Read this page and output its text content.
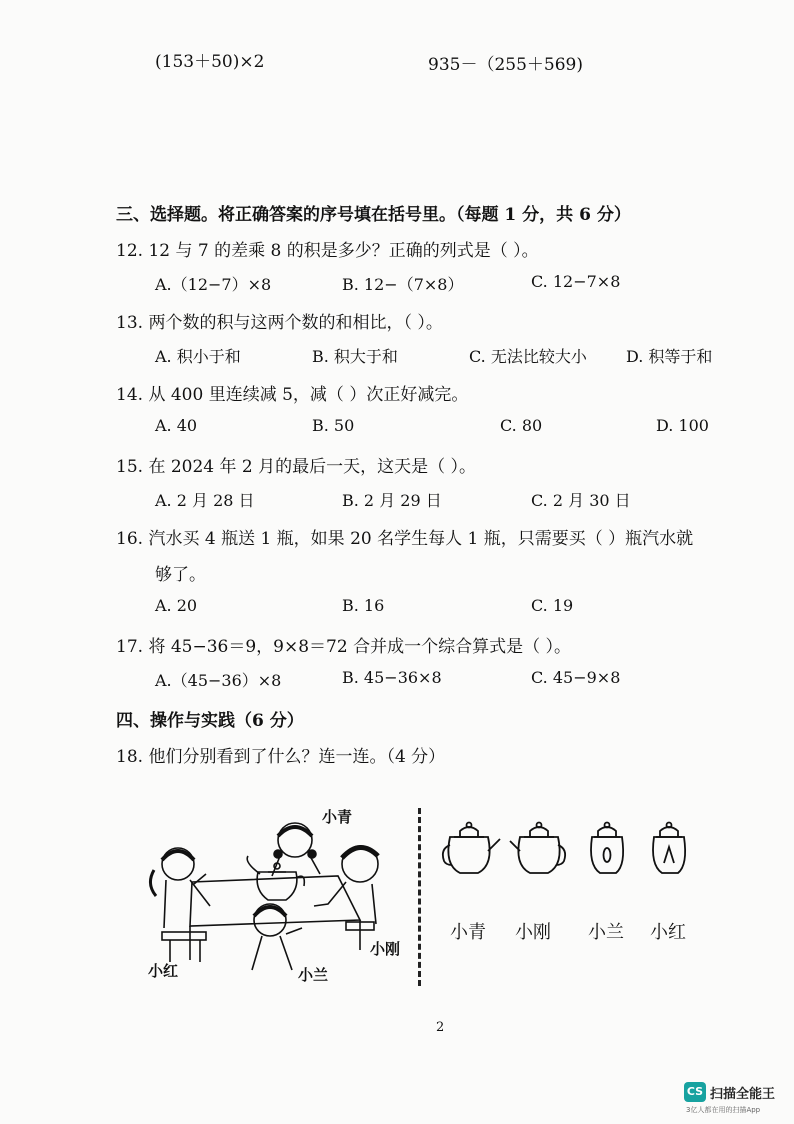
(153＋50)×2	935－（255＋569)
三、选择题。将正确答案的序号填在括号里。（每题 1 分，共 6 分）
12. 12 与 7 的差乘 8 的积是多少？正确的列式是（ ）。
A.（12−7）×8	B. 12−（7×8）	C. 12−7×8
13. 两个数的积与这两个数的和相比，（ ）。
A. 积小于和	B. 积大于和	C. 无法比较大小 D. 积等于和
14. 从 400 里连续减 5，减（ ）次正好减完。
A. 40	B. 50	C. 80	D. 100
15. 在 2024 年 2 月的最后一天，这天是（ ）。
A. 2 月 28 日	B. 2 月 29 日	C. 2 月 30 日
16. 汽水买 4 瓶送 1 瓶，如果 20 名学生每人 1 瓶，只需要买（ ）瓶汽水就
够了。
A. 20	B. 16	C. 19
17. 将 45−36＝9，9×8＝72 合并成一个综合算式是（ ）。
A.（45−36）×8	B. 45−36×8	C. 45−9×8
四、操作与实践（6 分）
18. 他们分别看到了什么？连一连。（4 分）
小青
小刚
小兰
小红
小青 小刚 小兰 小红
2
CS 扫描全能王
3亿人都在用的扫描App
